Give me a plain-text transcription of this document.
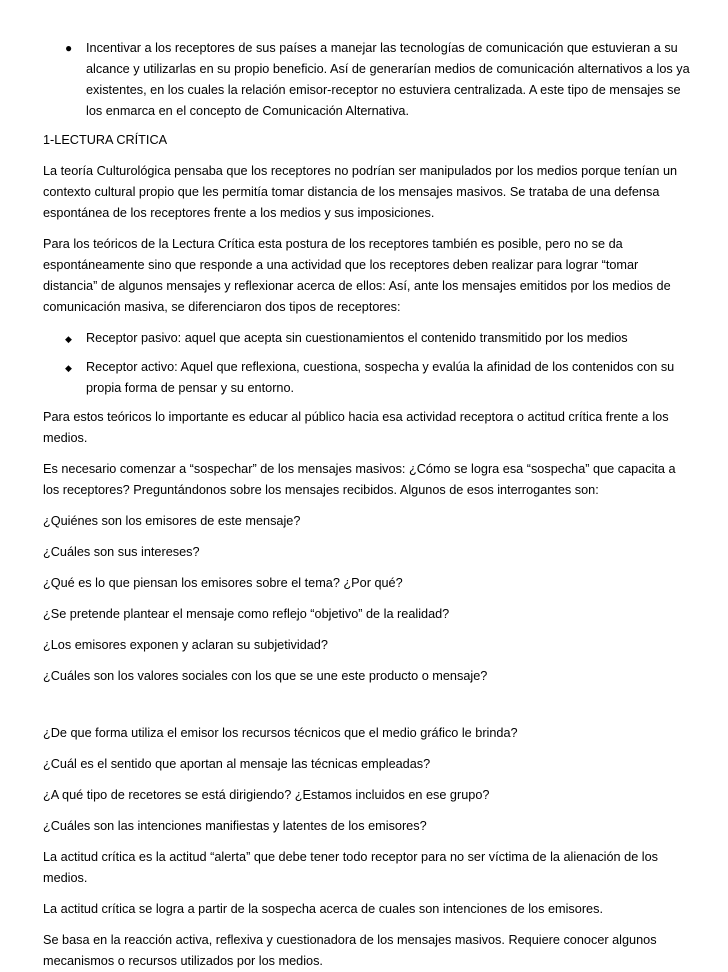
● Incentivar a los receptores de sus países a manejar las tecnologías de comunicación que estuvieran a su alcance y utilizarlas en su propio beneficio. Así de generarían medios de comunicación alternativos a los ya existentes, en los cuales la relación emisor-receptor no estuviera centralizada. A este tipo de mensajes se los enmarca en el concepto de Comunicación Alternativa.

1-LECTURA CRÍTICA

La teoría Culturológica pensaba que los receptores no podrían ser manipulados por los medios porque tenían un contexto cultural propio que les permitía tomar distancia de los mensajes masivos. Se trataba de una defensa espontánea de los receptores frente a los medios y sus imposiciones.

Para los teóricos de la Lectura Crítica esta postura de los receptores también es posible, pero no se da espontáneamente sino que responde a una actividad que los receptores deben realizar para lograr “tomar distancia” de algunos mensajes y reflexionar acerca de ellos: Así, ante los mensajes emitidos por los medios de comunicación masiva, se diferenciaron dos tipos de receptores:

◆ Receptor pasivo: aquel que acepta sin cuestionamientos el contenido transmitido por los medios
◆ Receptor activo: Aquel que reflexiona, cuestiona, sospecha y evalúa la afinidad de los contenidos con su propia forma de pensar y su entorno.

Para estos teóricos lo importante es educar al público hacia esa actividad receptora o actitud crítica frente a los medios.

Es necesario comenzar a “sospechar” de los mensajes masivos: ¿Cómo se logra esa “sospecha” que capacita a los receptores? Preguntándonos sobre los mensajes recibidos. Algunos de esos interrogantes son:

¿Quiénes son los emisores de este mensaje?

¿Cuáles son sus intereses?

¿Qué es lo que piensan los emisores sobre el tema? ¿Por qué?

¿Se pretende plantear el mensaje como reflejo “objetivo” de la realidad?

¿Los emisores exponen y aclaran su subjetividad?

¿Cuáles son los valores sociales con los que se une este producto o mensaje?

¿De que forma utiliza el emisor los recursos técnicos que el medio gráfico le brinda?

¿Cuál es el sentido que aportan al mensaje las técnicas empleadas?

¿A qué tipo de recetores se está dirigiendo? ¿Estamos incluidos en ese grupo?

¿Cuáles son las intenciones manifiestas y latentes de los emisores?

La actitud crítica es la actitud “alerta” que debe tener todo receptor para no ser víctima de la alienación de los medios.

La actitud crítica se logra a partir de la sospecha acerca de cuales son intenciones de los emisores.

Se basa en la reacción activa, reflexiva y cuestionadora de los mensajes masivos. Requiere conocer algunos mecanismos o recursos utilizados por los medios.
